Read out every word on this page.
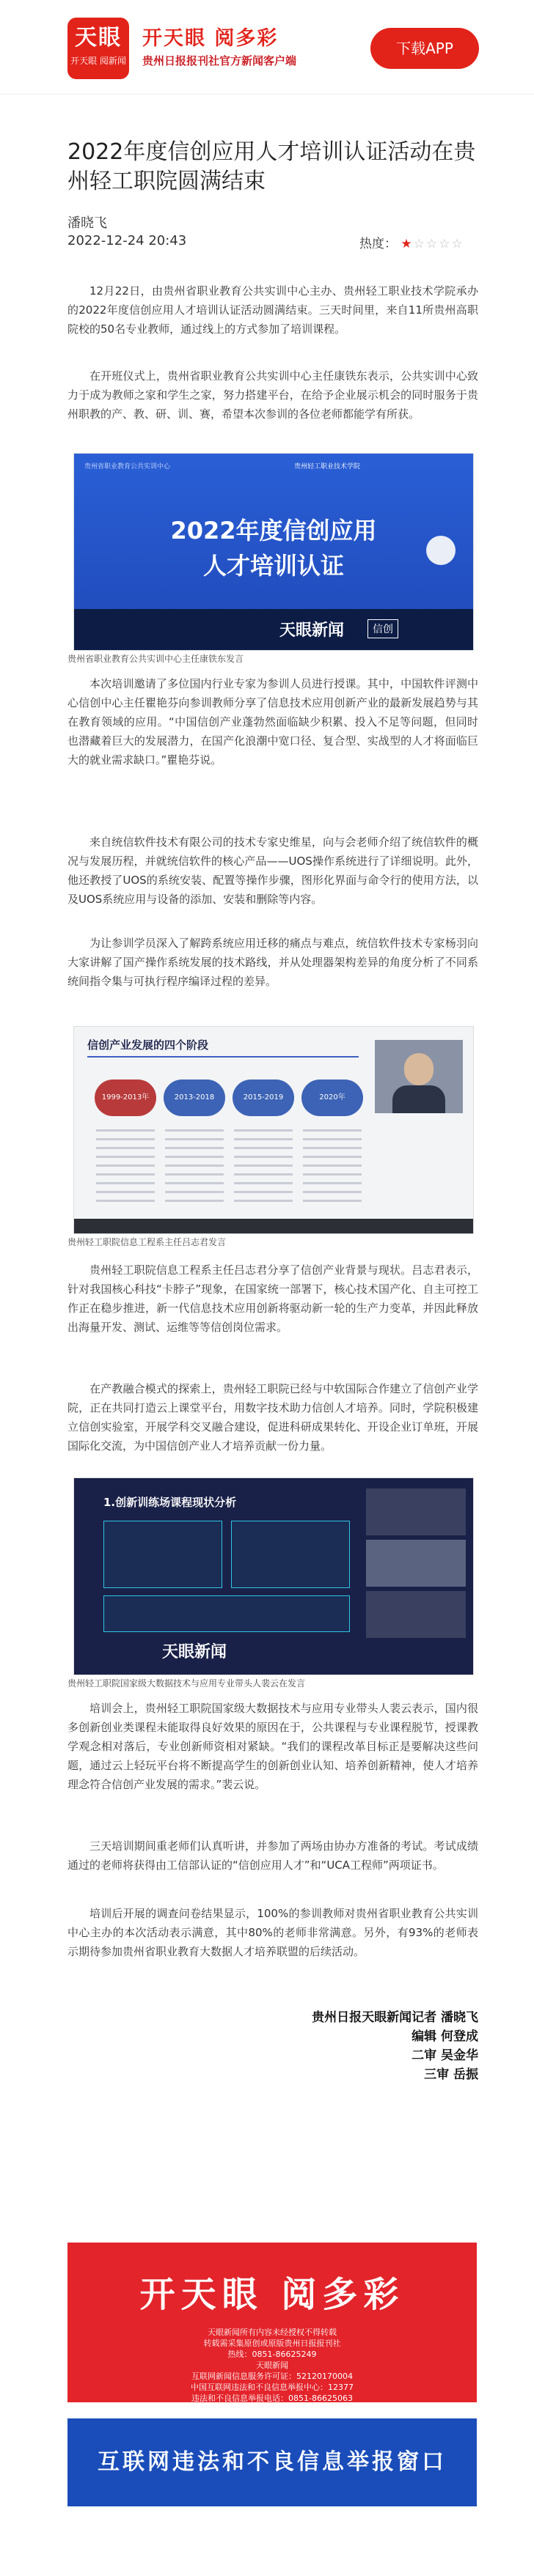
天眼
开天眼 阅新闻
开天眼 阅多彩
贵州日报报刊社官方新闻客户端
下载APP
2022年度信创应用人才培训认证活动在贵州轻工职院圆满结束
潘晓飞
2022-12-24 20:43	热度： ★☆☆☆☆

12月22日，由贵州省职业教育公共实训中心主办、贵州轻工职业技术学院承办的2022年度信创应用人才培训认证活动圆满结束。三天时间里，来自11所贵州高职院校的50名专业教师，通过线上的方式参加了培训课程。

在开班仪式上，贵州省职业教育公共实训中心主任康铁东表示，公共实训中心致力于成为教师之家和学生之家，努力搭建平台，在给予企业展示机会的同时服务于贵州职教的产、教、研、训、赛，希望本次参训的各位老师都能学有所获。

贵州省职业教育公共实训中心	贵州轻工职业技术学院
2022年度信创应用
人才培训认证
天眼新闻	信创
贵州省职业教育公共实训中心主任康铁东发言

本次培训邀请了多位国内行业专家为参训人员进行授课。其中，中国软件评测中心信创中心主任瞿艳芬向参训教师分享了信息技术应用创新产业的最新发展趋势与其在教育领域的应用。“中国信创产业蓬勃然面临缺少积累、投入不足等问题，但同时也潜藏着巨大的发展潜力，在国产化浪潮中宽口径、复合型、实战型的人才将面临巨大的就业需求缺口。”瞿艳芬说。

来自统信软件技术有限公司的技术专家史维星，向与会老师介绍了统信软件的概况与发展历程，并就统信软件的核心产品——UOS操作系统进行了详细说明。此外，他还教授了UOS的系统安装、配置等操作步骤，图形化界面与命令行的使用方法，以及UOS系统应用与设备的添加、安装和删除等内容。

为让参训学员深入了解跨系统应用迁移的痛点与难点，统信软件技术专家杨羽向大家讲解了国产操作系统发展的技术路线，并从处理器架构差异的角度分析了不同系统间指令集与可执行程序编译过程的差异。

信创产业发展的四个阶段
1999-2013年	2013-2018	2015-2019	2020年
贵州轻工职院信息工程系主任吕志君发言

贵州轻工职院信息工程系主任吕志君分享了信创产业背景与现状。吕志君表示，针对我国核心科技“卡脖子”现象，在国家统一部署下，核心技术国产化、自主可控工作正在稳步推进，新一代信息技术应用创新将驱动新一轮的生产力变革，并因此释放出海量开发、测试、运维等等信创岗位需求。

在产教融合模式的探索上，贵州轻工职院已经与中软国际合作建立了信创产业学院，正在共同打造云上课堂平台，用数字技术助力信创人才培养。同时，学院积极建立信创实验室，开展学科交叉融合建设，促进科研成果转化、开设企业订单班，开展国际化交流，为中国信创产业人才培养贡献一份力量。

1.创新训练场课程现状分析
天眼新闻
贵州轻工职院国家级大数据技术与应用专业带头人裴云在发言

培训会上，贵州轻工职院国家级大数据技术与应用专业带头人裴云表示，国内很多创新创业类课程未能取得良好效果的原因在于，公共课程与专业课程脱节，授课教学观念相对落后，专业创新师资相对紧缺。“我们的课程改革目标正是要解决这些问题，通过云上轻玩平台将不断提高学生的创新创业认知、培养创新精神，使人才培养理念符合信创产业发展的需求。”裴云说。

三天培训期间重老师们认真听讲，并参加了两场由协办方准备的考试。考试成绩通过的老师将获得由工信部认证的“信创应用人才”和“UCA工程师”两项证书。

培训后开展的调查问卷结果显示，100%的参训教师对贵州省职业教育公共实训中心主办的本次活动表示满意，其中80%的老师非常满意。另外，有93%的老师表示期待参加贵州省职业教育大数据人才培养联盟的后续活动。

贵州日报天眼新闻记者 潘晓飞
编辑 何登成
二审 吴金华
三审 岳振
开天眼 阅多彩
天眼新闻所有内容未经授权不得转载
转载需采集原创或原版贵州日报报刊社
热线：0851-86625249
天眼新闻
互联网新闻信息服务许可证：52120170004
中国互联网违法和不良信息举报中心：12377
违法和不良信息举报电话：0851-86625063
互联网违法和不良信息举报窗口
